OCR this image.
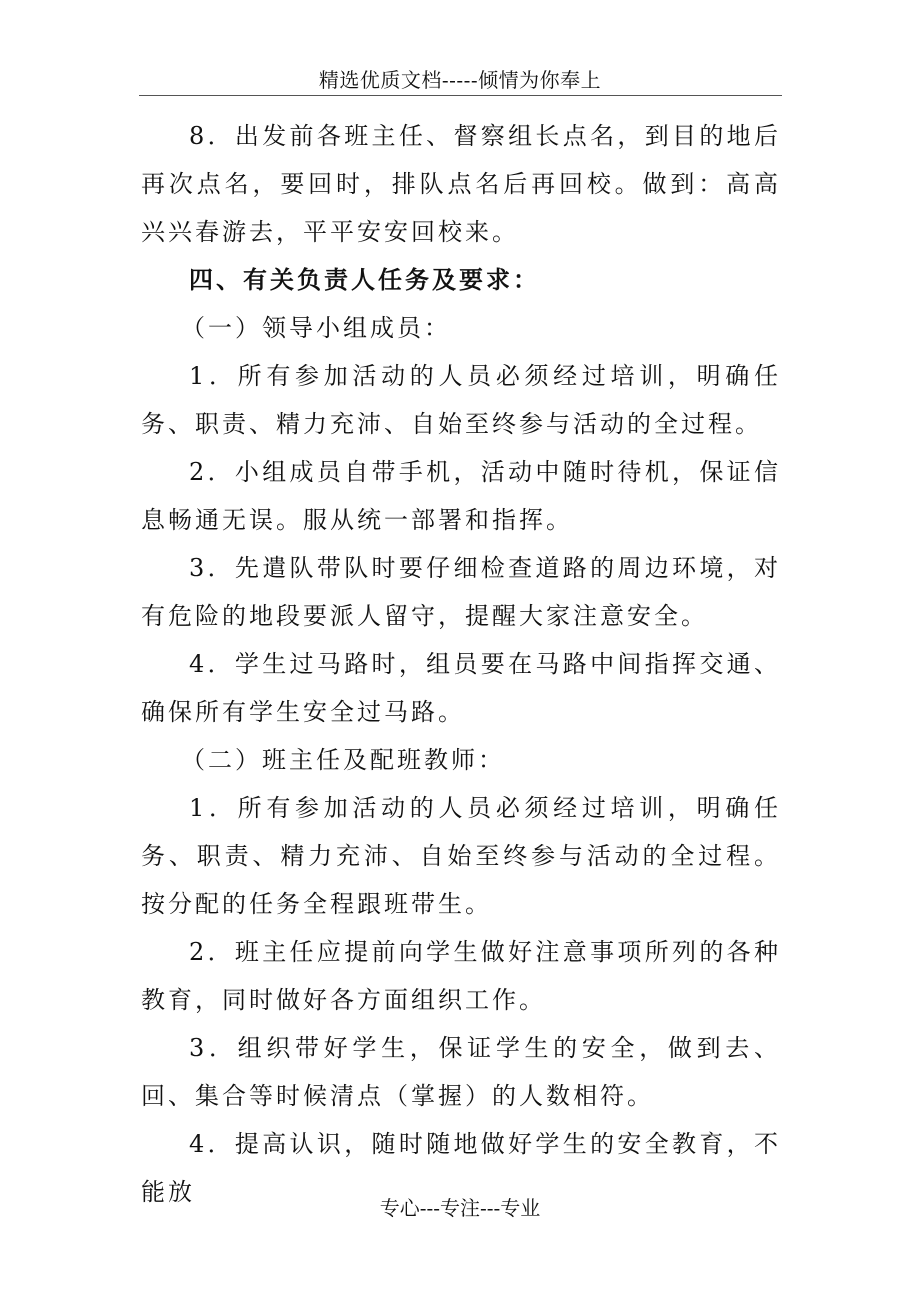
精选优质文档-----倾情为你奉上

8．出发前各班主任、督察组长点名，到目的地后再次点名，要回时，排队点名后再回校。做到：高高兴兴春游去，平平安安回校来。

四、有关负责人任务及要求：

（一）领导小组成员：

1．所有参加活动的人员必须经过培训，明确任务、职责、精力充沛、自始至终参与活动的全过程。

2．小组成员自带手机，活动中随时待机，保证信息畅通无误。服从统一部署和指挥。

3．先遣队带队时要仔细检查道路的周边环境，对有危险的地段要派人留守，提醒大家注意安全。

4．学生过马路时，组员要在马路中间指挥交通、确保所有学生安全过马路。

（二）班主任及配班教师：

1．所有参加活动的人员必须经过培训，明确任务、职责、精力充沛、自始至终参与活动的全过程。按分配的任务全程跟班带生。

2．班主任应提前向学生做好注意事项所列的各种教育，同时做好各方面组织工作。

3．组织带好学生，保证学生的安全，做到去、回、集合等时候清点（掌握）的人数相符。

4．提高认识，随时随地做好学生的安全教育，不能放

专心---专注---专业
